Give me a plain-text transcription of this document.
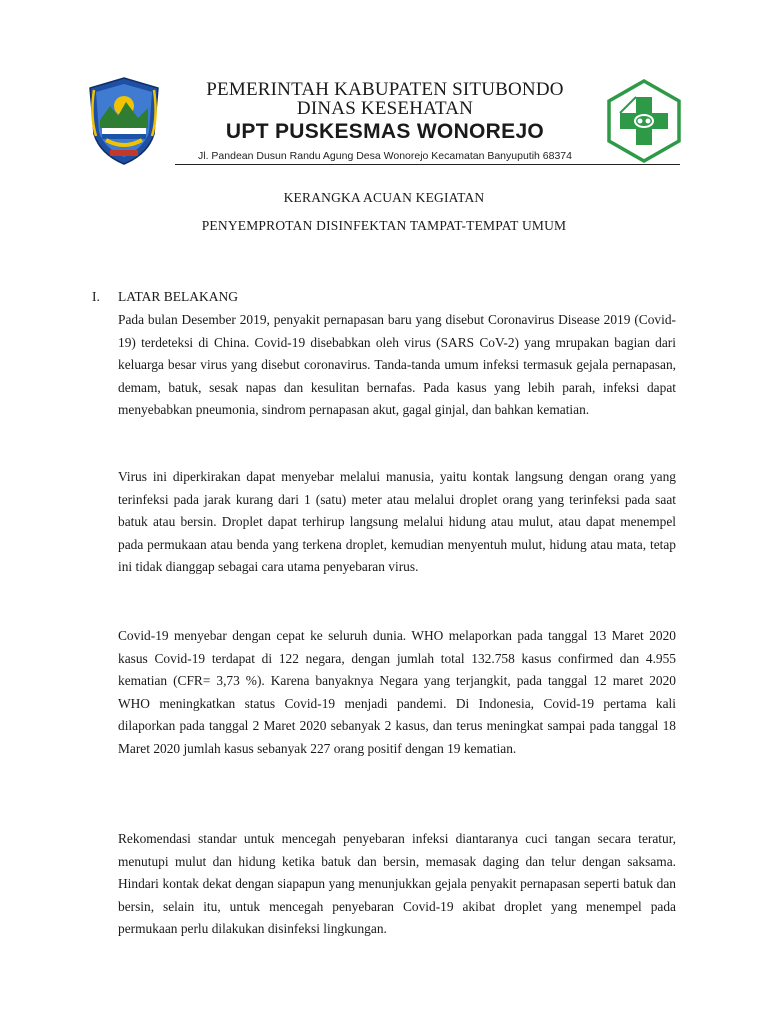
PEMERINTAH KABUPATEN SITUBONDO
DINAS KESEHATAN
UPT PUSKESMAS WONOREJO
Jl. Pandean Dusun Randu Agung Desa Wonorejo Kecamatan Banyuputih 68374
KERANGKA ACUAN KEGIATAN
PENYEMPROTAN DISINFEKTAN TAMPAT-TEMPAT UMUM
I. LATAR BELAKANG

Pada bulan Desember 2019, penyakit pernapasan baru yang disebut Coronavirus Disease 2019 (Covid-19) terdeteksi di China. Covid-19 disebabkan oleh virus (SARS CoV-2) yang mrupakan bagian dari keluarga besar virus yang disebut coronavirus. Tanda-tanda umum infeksi termasuk gejala pernapasan, demam, batuk, sesak napas dan kesulitan bernafas. Pada kasus yang lebih parah, infeksi dapat menyebabkan pneumonia, sindrom pernapasan akut, gagal ginjal, dan bahkan kematian.

Virus ini diperkirakan dapat menyebar melalui manusia, yaitu kontak langsung dengan orang yang terinfeksi pada jarak kurang dari 1 (satu) meter atau melalui droplet orang yang terinfeksi pada saat batuk atau bersin. Droplet dapat terhirup langsung melalui hidung atau mulut, atau dapat menempel pada permukaan atau benda yang terkena droplet, kemudian menyentuh mulut, hidung atau mata, tetap ini tidak dianggap sebagai cara utama penyebaran virus.

Covid-19 menyebar dengan cepat ke seluruh dunia. WHO melaporkan pada tanggal 13 Maret 2020 kasus Covid-19 terdapat di 122 negara, dengan jumlah total 132.758 kasus confirmed dan 4.955 kematian (CFR= 3,73 %). Karena banyaknya Negara yang terjangkit, pada tanggal 12 maret 2020 WHO meningkatkan status Covid-19 menjadi pandemi. Di Indonesia, Covid-19 pertama kali dilaporkan pada tanggal 2 Maret 2020 sebanyak 2 kasus, dan terus meningkat sampai pada tanggal 18 Maret 2020 jumlah kasus sebanyak 227 orang positif dengan 19 kematian.

Rekomendasi standar untuk mencegah penyebaran infeksi diantaranya cuci tangan secara teratur, menutupi mulut dan hidung ketika batuk dan bersin, memasak daging dan telur dengan saksama. Hindari kontak dekat dengan siapapun yang menunjukkan gejala penyakit pernapasan seperti batuk dan bersin, selain itu, untuk mencegah penyebaran Covid-19 akibat droplet yang menempel pada permukaan perlu dilakukan disinfeksi lingkungan.
